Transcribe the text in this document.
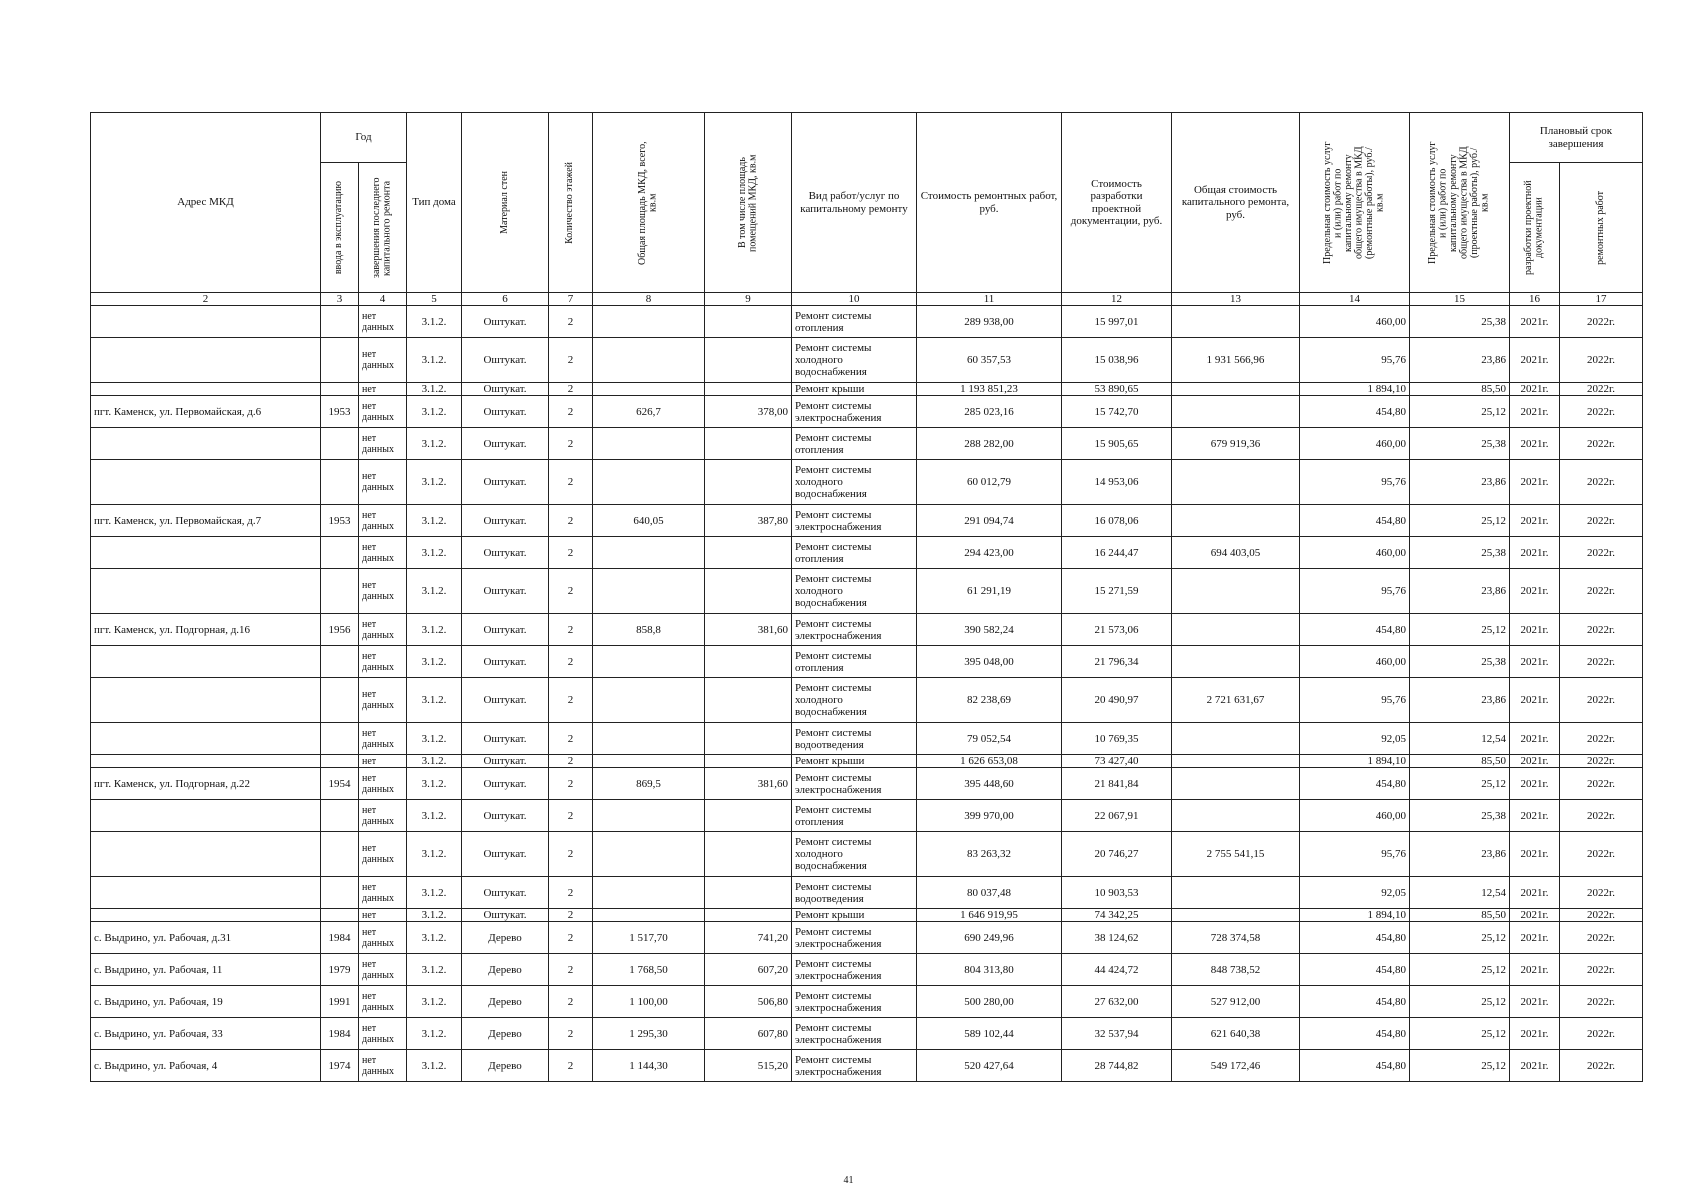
Адрес МКД	Год		Тип дома	Материал стен	Количество этажей	Общая площадь МКД, всего, кв.м	В том числе площадь помещений МКД, кв.м	Вид работ/услуг по капитальному ремонту	Стоимость ремонтных работ, руб.	Стоимость разработки проектной документации, руб.	Общая стоимость капитального ремонта, руб.	Предельная стоимость услуг и (или) работ по капитальному ремонту общего имущества в МКД (ремонтные работы), руб./кв.м	Предельная стоимость услуг и (или) работ по капитальному ремонту общего имущества в МКД (проектные работы), руб./кв.м	Плановый срок завершения	

	ввода в эксплуатацию	завершения последнего капитального ремонта												разработки проектной документации	ремонтных работ

2	3	4	5	6	7	8	9	10	11	12	13	14	15	16	17
		нет данных	3.1.2.	Оштукат.	2			Ремонт системы отопления	289 938,00	15 997,01		460,00	25,38	2021г.	2022г.
		нет данных	3.1.2.	Оштукат.	2			Ремонт системы холодного водоснабжения	60 357,53	15 038,96	1 931 566,96	95,76	23,86	2021г.	2022г.
		нет	3.1.2.	Оштукат.	2			Ремонт крыши	1 193 851,23	53 890,65		1 894,10	85,50	2021г.	2022г.
пгт. Каменск, ул. Первомайская, д.6	1953	нет данных	3.1.2.	Оштукат.	2	626,7	378,00	Ремонт системы электроснабжения	285 023,16	15 742,70		454,80	25,12	2021г.	2022г.
		нет данных	3.1.2.	Оштукат.	2			Ремонт системы отопления	288 282,00	15 905,65	679 919,36	460,00	25,38	2021г.	2022г.
		нет данных	3.1.2.	Оштукат.	2			Ремонт системы холодного водоснабжения	60 012,79	14 953,06		95,76	23,86	2021г.	2022г.
пгт. Каменск, ул. Первомайская, д.7	1953	нет данных	3.1.2.	Оштукат.	2	640,05	387,80	Ремонт системы электроснабжения	291 094,74	16 078,06		454,80	25,12	2021г.	2022г.
		нет данных	3.1.2.	Оштукат.	2			Ремонт системы отопления	294 423,00	16 244,47	694 403,05	460,00	25,38	2021г.	2022г.
		нет данных	3.1.2.	Оштукат.	2			Ремонт системы холодного водоснабжения	61 291,19	15 271,59		95,76	23,86	2021г.	2022г.
пгт. Каменск, ул. Подгорная, д.16	1956	нет данных	3.1.2.	Оштукат.	2	858,8	381,60	Ремонт системы электроснабжения	390 582,24	21 573,06		454,80	25,12	2021г.	2022г.
		нет данных	3.1.2.	Оштукат.	2			Ремонт системы отопления	395 048,00	21 796,34		460,00	25,38	2021г.	2022г.
		нет данных	3.1.2.	Оштукат.	2			Ремонт системы холодного водоснабжения	82 238,69	20 490,97	2 721 631,67	95,76	23,86	2021г.	2022г.
		нет данных	3.1.2.	Оштукат.	2			Ремонт системы водоотведения	79 052,54	10 769,35		92,05	12,54	2021г.	2022г.
		нет	3.1.2.	Оштукат.	2			Ремонт крыши	1 626 653,08	73 427,40		1 894,10	85,50	2021г.	2022г.
пгт. Каменск, ул. Подгорная, д.22	1954	нет данных	3.1.2.	Оштукат.	2	869,5	381,60	Ремонт системы электроснабжения	395 448,60	21 841,84		454,80	25,12	2021г.	2022г.
		нет данных	3.1.2.	Оштукат.	2			Ремонт системы отопления	399 970,00	22 067,91		460,00	25,38	2021г.	2022г.
		нет данных	3.1.2.	Оштукат.	2			Ремонт системы холодного водоснабжения	83 263,32	20 746,27	2 755 541,15	95,76	23,86	2021г.	2022г.
		нет данных	3.1.2.	Оштукат.	2			Ремонт системы водоотведения	80 037,48	10 903,53		92,05	12,54	2021г.	2022г.
		нет	3.1.2.	Оштукат.	2			Ремонт крыши	1 646 919,95	74 342,25		1 894,10	85,50	2021г.	2022г.
с. Выдрино, ул. Рабочая, д.31	1984	нет данных	3.1.2.	Дерево	2	1 517,70	741,20	Ремонт системы электроснабжения	690 249,96	38 124,62	728 374,58	454,80	25,12	2021г.	2022г.
с. Выдрино, ул. Рабочая, 11	1979	нет данных	3.1.2.	Дерево	2	1 768,50	607,20	Ремонт системы электроснабжения	804 313,80	44 424,72	848 738,52	454,80	25,12	2021г.	2022г.
с. Выдрино, ул. Рабочая, 19	1991	нет данных	3.1.2.	Дерево	2	1 100,00	506,80	Ремонт системы электроснабжения	500 280,00	27 632,00	527 912,00	454,80	25,12	2021г.	2022г.
с. Выдрино, ул. Рабочая, 33	1984	нет данных	3.1.2.	Дерево	2	1 295,30	607,80	Ремонт системы электроснабжения	589 102,44	32 537,94	621 640,38	454,80	25,12	2021г.	2022г.
с. Выдрино, ул. Рабочая, 4	1974	нет данных	3.1.2.	Дерево	2	1 144,30	515,20	Ремонт системы электроснабжения	520 427,64	28 744,82	549 172,46	454,80	25,12	2021г.	2022г.
41
